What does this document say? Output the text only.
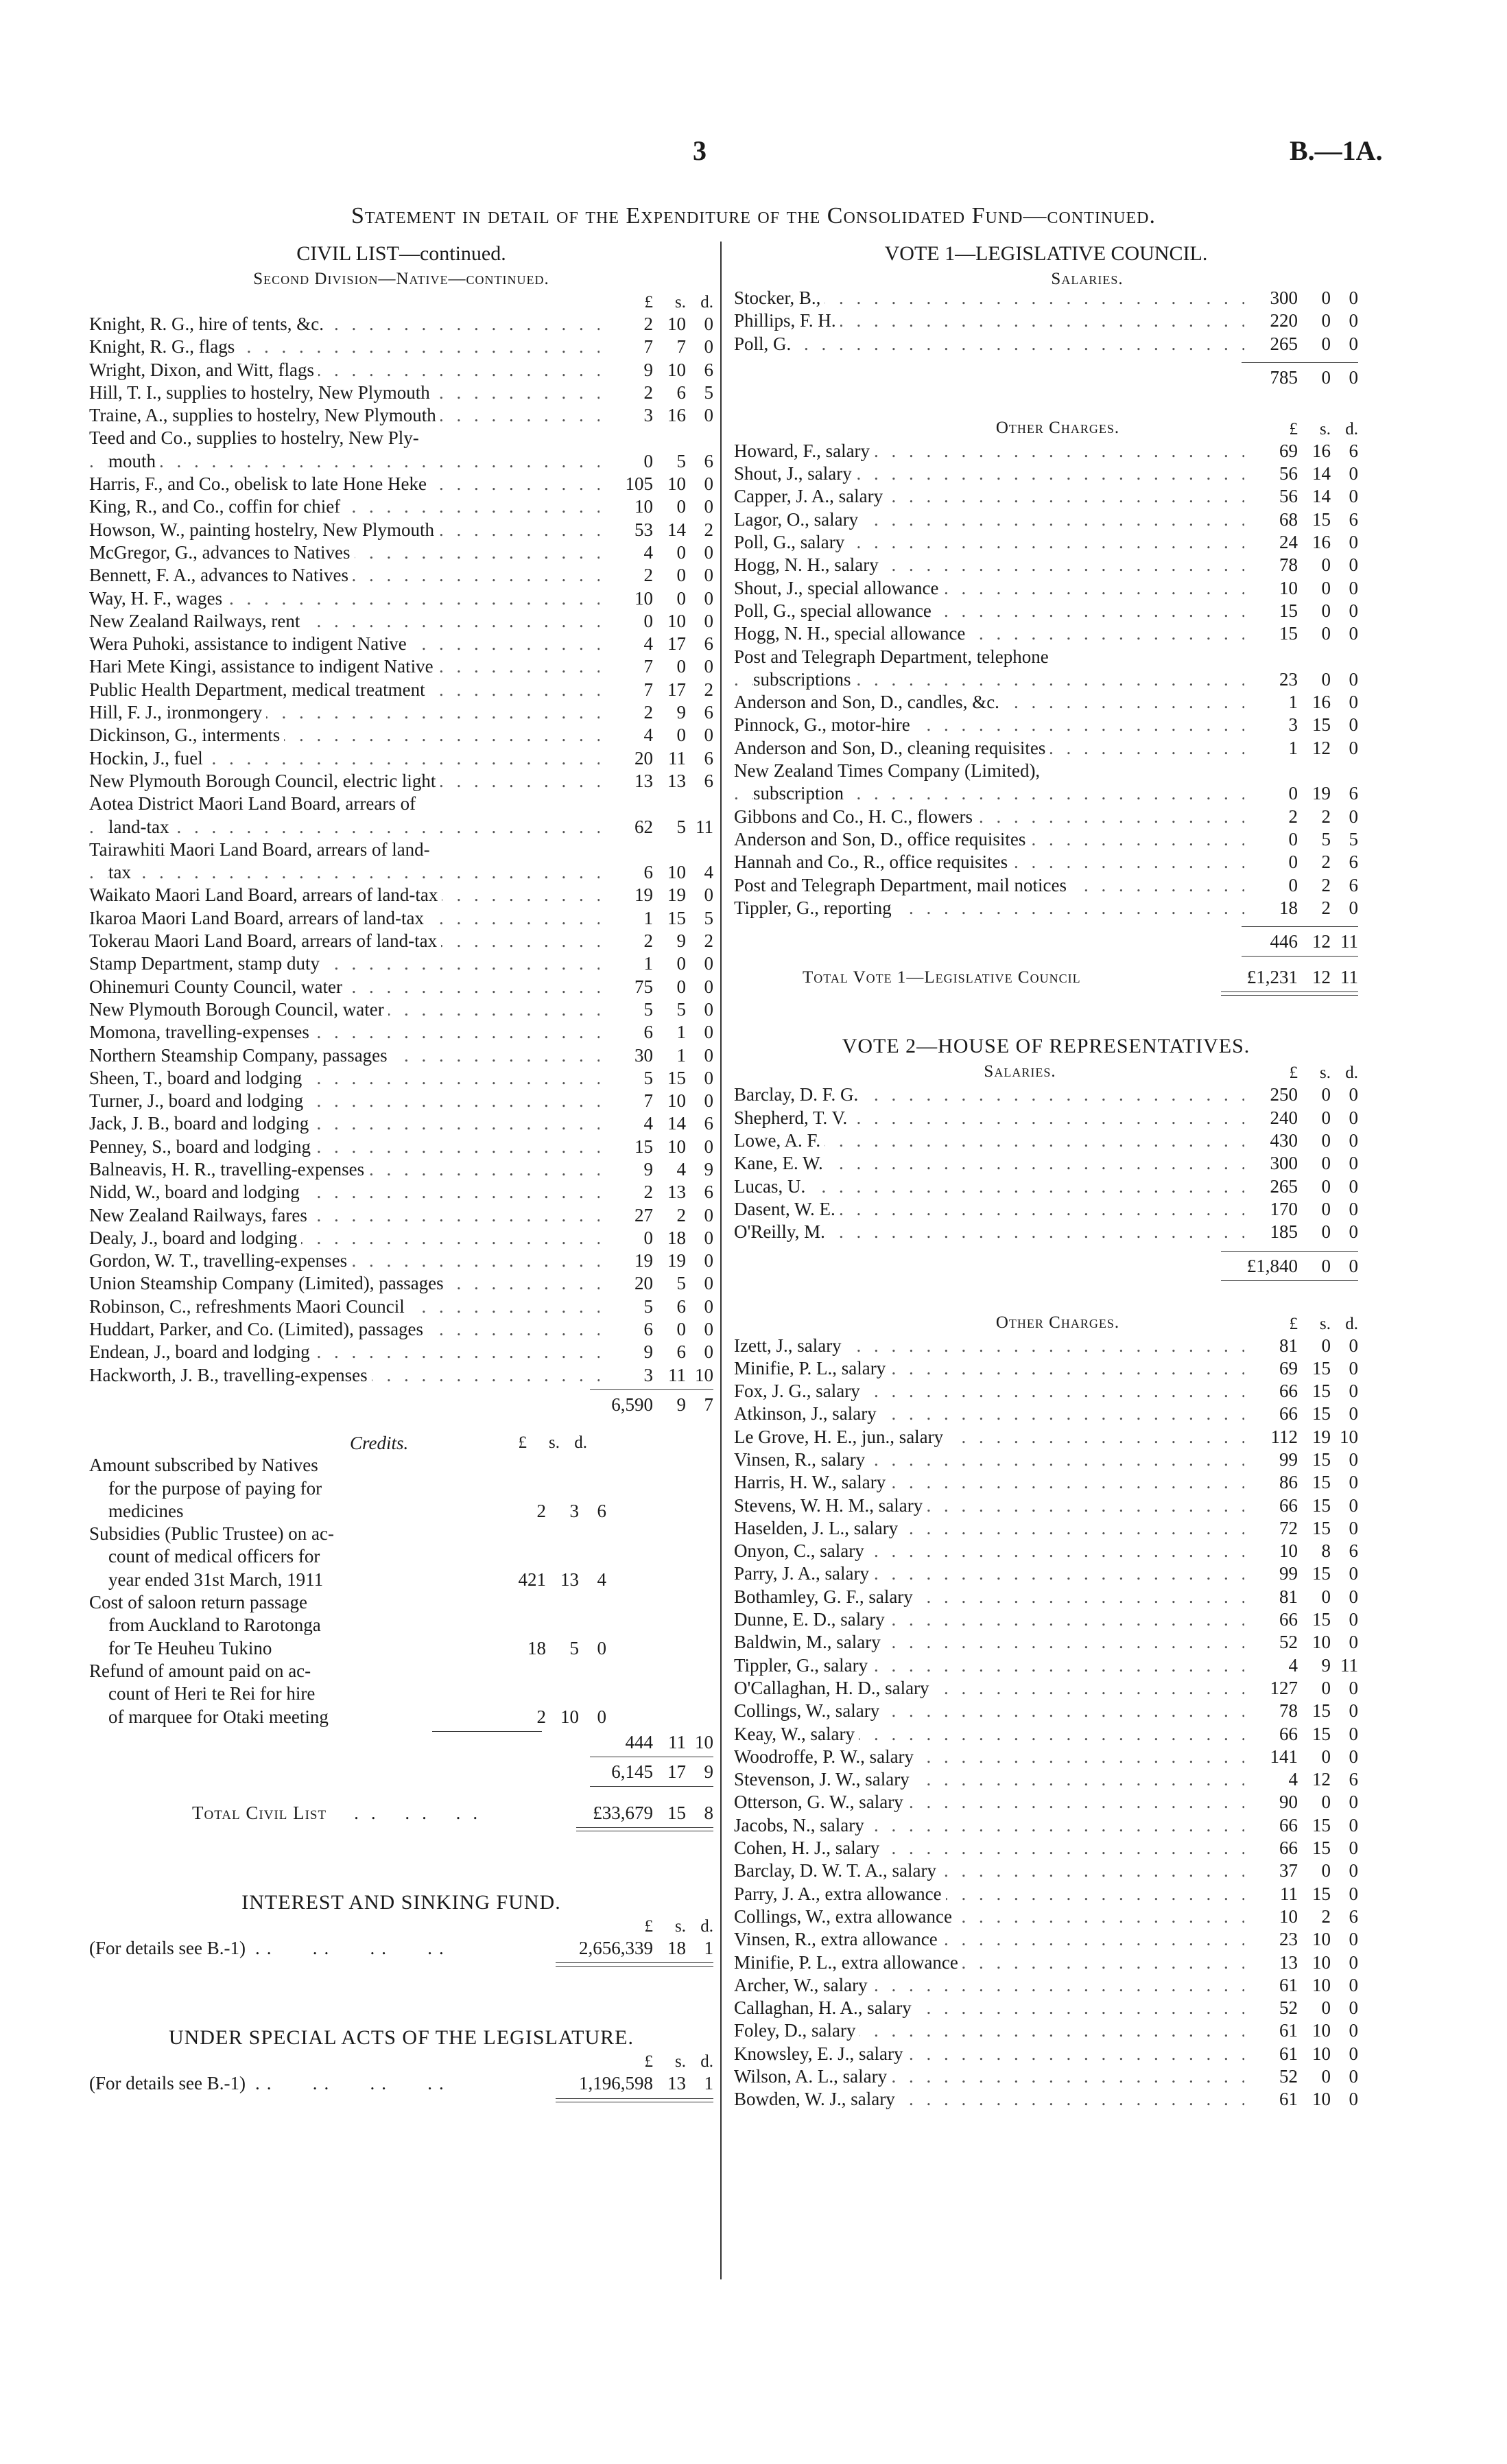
3	B.—1A.
Statement in detail of the Expenditure of the Consolidated Fund—continued.
CIVIL LIST—continued.
Second Division—Native—continued.
£	s. d.
Knight, R. G., hire of tents, &c. . . .	2 10 0
Knight, R. G., flags . . .	7	7 0
Wright, Dixon, and Witt, flags . . .	9 10 6
Hill, T. I., supplies to hostelry, New Plymouth . . .	2	6 5
Traine, A., supplies to hostelry, New Plymouth . . .	3 16 0
Teed and Co., supplies to hostelry, New Ply-
mouth . . .	0	5 6
Harris, F., and Co., obelisk to late Hone Heke . . .	105 10 0
King, R., and Co., coffin for chief . . .	10	0 0
Howson, W., painting hostelry, New Plymouth . . .	53 14 2
McGregor, G., advances to Natives . . .	4	0 0
Bennett, F. A., advances to Natives . . .	2	0 0
Way, H. F., wages . . .	10	0 0
New Zealand Railways, rent . . .	0 10 0
Wera Puhoki, assistance to indigent Native . . .	4 17 6
Hari Mete Kingi, assistance to indigent Native . . .	7	0 0
Public Health Department, medical treatment . . .	7 17 2
Hill, F. J., ironmongery . . .	2	9 6
Dickinson, G., interments . . .	4	0 0
Hockin, J., fuel . . .	20 11 6
New Plymouth Borough Council, electric light . . .	13 13 6
Aotea District Maori Land Board, arrears of
land-tax . . .	62	5 11
Tairawhiti Maori Land Board, arrears of land-
tax . . .	6 10 4
Waikato Maori Land Board, arrears of land-tax . . .	19 19 0
Ikaroa Maori Land Board, arrears of land-tax . . .	1 15 5
Tokerau Maori Land Board, arrears of land-tax . . .	2	9 2
Stamp Department, stamp duty . . .	1	0 0
Ohinemuri County Council, water . . .	75	0 0
New Plymouth Borough Council, water . . .	5	5 0
Momona, travelling-expenses . . .	6	1 0
Northern Steamship Company, passages . . .	30	1 0
Sheen, T., board and lodging . . .	5 15 0
Turner, J., board and lodging . . .	7 10 0
Jack, J. B., board and lodging . . .	4 14 6
Penney, S., board and lodging . . .	15 10 0
Balneavis, H. R., travelling-expenses . . .	9	4 9
Nidd, W., board and lodging . . .	2 13 6
New Zealand Railways, fares . . .	27	2 0
Dealy, J., board and lodging . . .	0 18 0
Gordon, W. T., travelling-expenses . . .	19 19 0
Union Steamship Company (Limited), passages . . .	20	5 0
Robinson, C., refreshments Maori Council . . .	5	6 0
Huddart, Parker, and Co. (Limited), passages . . .	6	0 0
Endean, J., board and lodging . . .	9	6 0
Hackworth, J. B., travelling-expenses . . .	3 11 10
6,590	9 7
Credits.	£	s. d.
Amount subscribed by Natives
for the purpose of paying for
medicines	2	3 6
Subsidies (Public Trustee) on ac-
count of medical officers for
year ended 31st March, 1911	421 13 4
Cost of saloon return passage
from Auckland to Rarotonga
for Te Heuheu Tukino	18	5 0
Refund of amount paid on ac-
count of Heri te Rei for hire
of marquee for Otaki meeting	2 10 0
444 11 10
6,145 17 9
Total Civil List .. .. ..	£33,679 15 8
INTEREST AND SINKING FUND.
£	s. d.
(For details see B.-1) ..   ..   ..   ..	2,656,339 18 1
UNDER SPECIAL ACTS OF THE LEGISLATURE.
£	s. d.
(For details see B.-1) ..   ..   ..   ..	1,196,598 13 1
VOTE 1—LEGISLATIVE COUNCIL.
Salaries.
Stocker, B., . . .	300	0 0
Phillips, F. H. . . .	220	0 0
Poll, G. . . .	265	0 0
785	0 0
Other Charges.	£	s. d.
Howard, F., salary . . .	69 16 6
Shout, J., salary . . .	56 14 0
Capper, J. A., salary . . .	56 14 0
Lagor, O., salary . . .	68 15 6
Poll, G., salary . . .	24 16 0
Hogg, N. H., salary . . .	78	0 0
Shout, J., special allowance . . .	10	0 0
Poll, G., special allowance . . .	15	0 0
Hogg, N. H., special allowance . . .	15	0 0
Post and Telegraph Department, telephone
subscriptions . . .	23	0 0
Anderson and Son, D., candles, &c. . . .	1 16 0
Pinnock, G., motor-hire . . .	3 15 0
Anderson and Son, D., cleaning requisites . . .	1 12 0
New Zealand Times Company (Limited),
subscription . . .	0 19 6
Gibbons and Co., H. C., flowers . . .	2	2 0
Anderson and Son, D., office requisites . . .	0	5 5
Hannah and Co., R., office requisites . . .	0	2 6
Post and Telegraph Department, mail notices . . .	0	2 6
Tippler, G., reporting . . .	18	2 0
446 12 11
Total Vote 1—Legislative Council	£1,231 12 11
VOTE 2—HOUSE OF REPRESENTATIVES.
Salaries.	£	s. d.
Barclay, D. F. G. . . .	250	0 0
Shepherd, T. V. . . .	240	0 0
Lowe, A. F. . . .	430	0 0
Kane, E. W. . . .	300	0 0
Lucas, U. . . .	265	0 0
Dasent, W. E. . . .	170	0 0
O'Reilly, M. . . .	185	0 0
£1,840	0 0
Other Charges.	£	s. d.
Izett, J., salary . . .	81	0 0
Minifie, P. L., salary . . .	69 15 0
Fox, J. G., salary . . .	66 15 0
Atkinson, J., salary . . .	66 15 0
Le Grove, H. E., jun., salary . . .	112 19 10
Vinsen, R., salary . . .	99 15 0
Harris, H. W., salary . . .	86 15 0
Stevens, W. H. M., salary . . .	66 15 0
Haselden, J. L., salary . . .	72 15 0
Onyon, C., salary . . .	10	8 6
Parry, J. A., salary . . .	99 15 0
Bothamley, G. F., salary . . .	81	0 0
Dunne, E. D., salary . . .	66 15 0
Baldwin, M., salary . . .	52 10 0
Tippler, G., salary . . .	4	9 11
O'Callaghan, H. D., salary . . .	127	0 0
Collings, W., salary . . .	78 15 0
Keay, W., salary . . .	66 15 0
Woodroffe, P. W., salary . . .	141	0 0
Stevenson, J. W., salary . . .	4 12 6
Otterson, G. W., salary . . .	90	0 0
Jacobs, N., salary . . .	66 15 0
Cohen, H. J., salary . . .	66 15 0
Barclay, D. W. T. A., salary . . .	37	0 0
Parry, J. A., extra allowance . . .	11 15 0
Collings, W., extra allowance . . .	10	2 6
Vinsen, R., extra allowance . . .	23 10 0
Minifie, P. L., extra allowance . . .	13 10 0
Archer, W., salary . . .	61 10 0
Callaghan, H. A., salary . . .	52	0 0
Foley, D., salary . . .	61 10 0
Knowsley, E. J., salary . . .	61 10 0
Wilson, A. L., salary . . .	52	0 0
Bowden, W. J., salary . . .	61 10 0
